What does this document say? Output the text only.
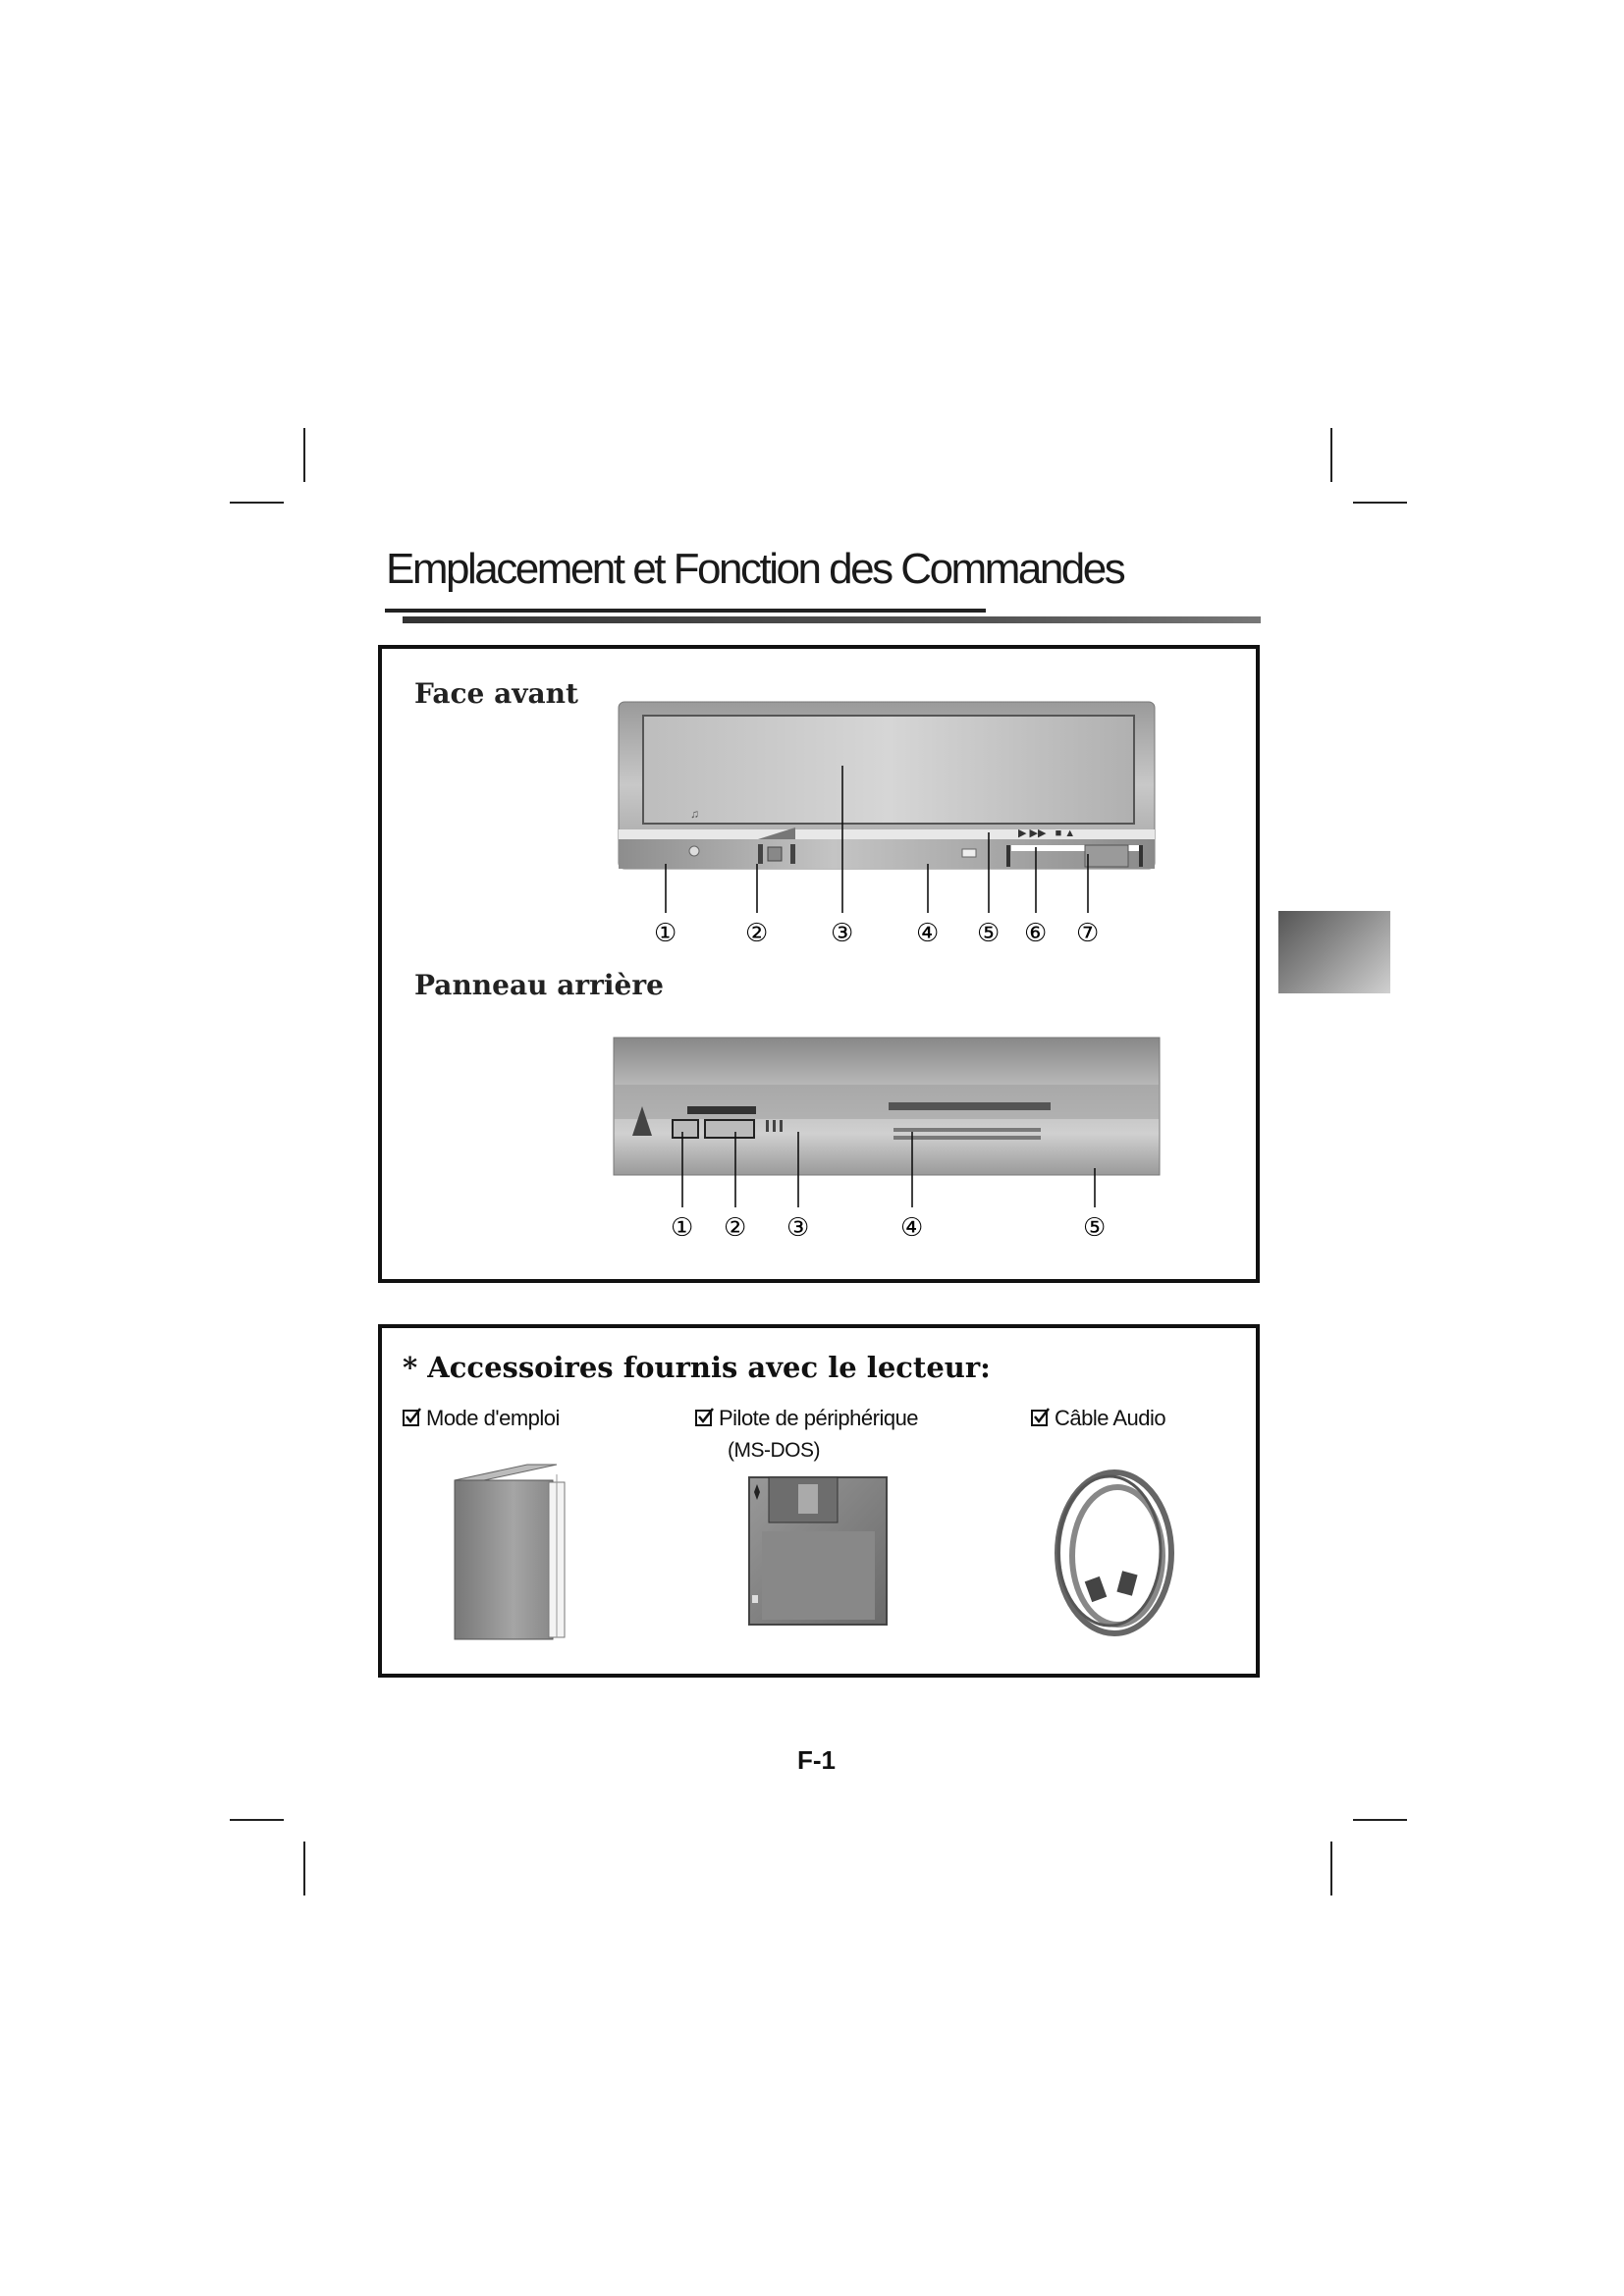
Emplacement et Fonction des Commandes
Face avant
♫
▶ ▶▶   ■ ▲
①	② ③ ④ ⑤ ⑥ ⑦
Panneau arrière
① ② ③	④	⑤
* Accessoires fournis avec le lecteur:
Mode d'emploi	Pilote de périphérique
(MS-DOS)
Câble Audio
F-1
